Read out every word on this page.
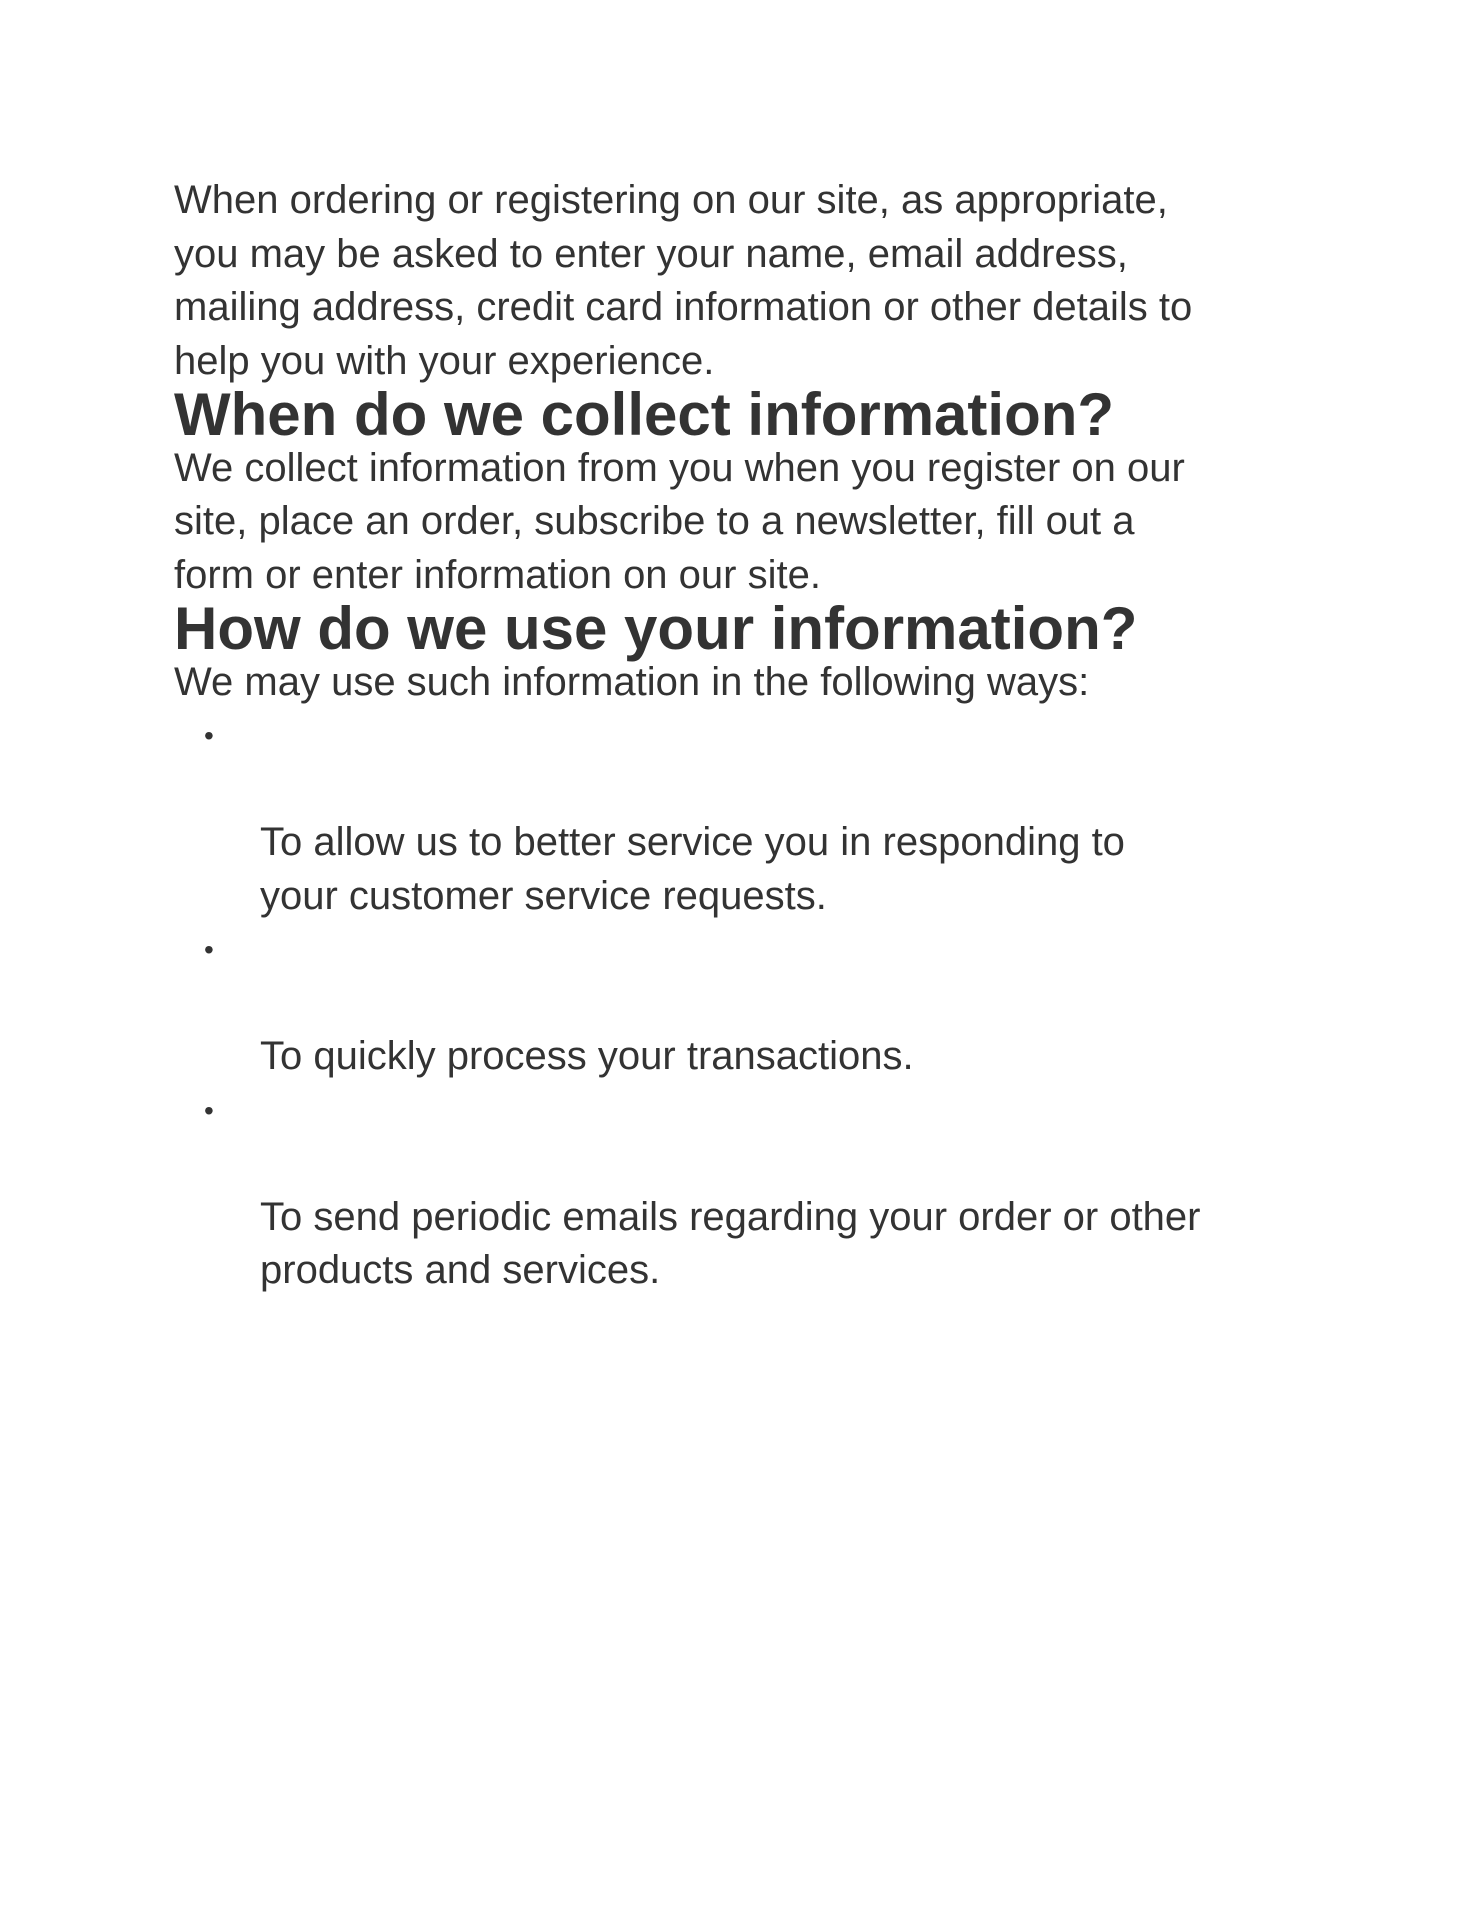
When ordering or registering on our site, as appropriate,
you may be asked to enter your name, email address,
mailing address, credit card information or other details to
help you with your experience.

When do we collect information?

We collect information from you when you register on our
site, place an order, subscribe to a newsletter, fill out a
form or enter information on our site.

How do we use your information?

We may use such information in the following ways:

•

To allow us to better service you in responding to
your customer service requests.

•

To quickly process your transactions.

•

To send periodic emails regarding your order or other
products and services.
